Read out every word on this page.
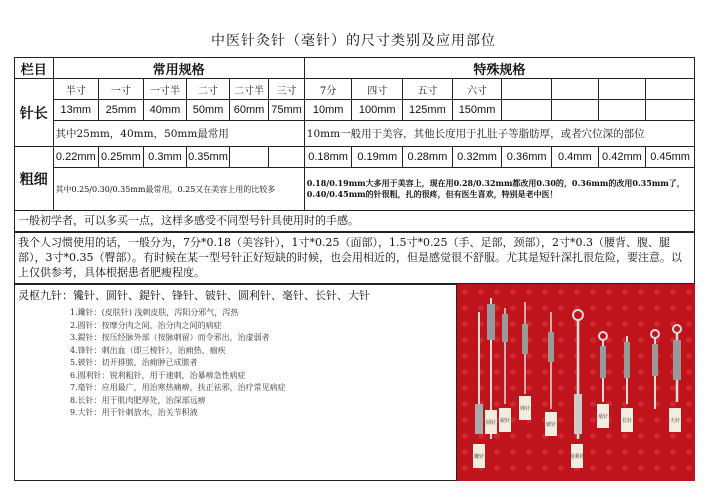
中医针灸针（毫针）的尺寸类别及应用部位
栏目	常用规格						特殊规格							
针长	半寸	一寸	一寸半	二寸	二寸半	三寸	7分	四寸	五寸	六寸				
	13mm	25mm	40mm	50mm	60mm	75mm	10mm	100mm	125mm	150mm				
	其中25mm，40mm，50mm最常用						10mm一般用于美容，其他长度用于扎肚子等脂肪厚，或者穴位深的部位							
粗细	0.22mm	0.25mm	0.3mm	0.35mm			0.18mm	0.19mm	0.28mm	0.32mm	0.36mm	0.4mm	0.42mm	0.45mm
	其中0.25/0.30/0.35mm最常用，0.25又在美容上用的比较多						0.18/0.19mm大多用于美容上，现在用0.28/0.32mm都改用0.30的，0.36mm的改用0.35mm了，0.40/0.45mm的针很粗，扎的很疼，但有医生喜欢，特别是老中医！							
一般初学者，可以多买一点，这样多感受不同型号针具使用时的手感。
我个人习惯使用的话，一般分为，7分*0.18（美容针），1寸*0.25（面部），1.5寸*0.25（手、足部，颈部），2寸*0.3（腰背、腹、腿部），3寸*0.35（臀部）。有时候在某一型号针正好短缺的时候，也会用相近的，但是感觉很不舒服。尤其是短针深扎很危险，要注意。以上仅供参考，具体根据患者肥瘦程度。
灵枢九针：镵针、圆针、鍉针、锋针、铍针、圆利针、毫针、长针、大针
1.鑱针：(皮肤针) 浅刺皮肤，泻阳分邪气，泻热
2.圆针：按摩分肉之间，治分肉之间的病症
3.鍉针：按压经脉外部（按脉刺留）而令邪出，治虚弱者
4.锋针：刺出血（即三棱针），治痈热、痼疾
5.铍针：切开排脓，治痈肿已成脓者
6.圆利针：锐利粗针，用于速刺，治暴痹急性病症
7.毫针：应用最广，用治寒热痛痹，扶正祛邪，治疗常见病症
8.长针：用于肌肉肥厚处，治深部远痹
9.大针：用于针刺放水，治关节积液
鑱针
圆针 鍉针
锋针
铍针
圆利针
毫针
长针	大针
